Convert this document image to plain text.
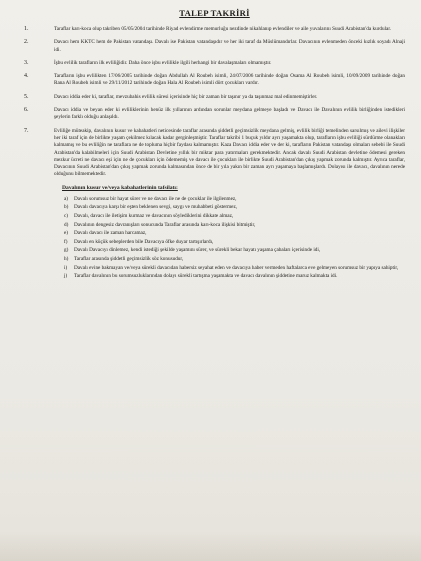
TALEP TAKRİRİ
1.	Taraflar karı-koca olup takriben 05/05/2004 tarihinde Riyad evlendirme memurluğu nezdinde nikahlanıp evlendiler ve aile yuvalarını Suudi Arabistan'da kurdular.
2.	Davacı hem KKTC hem de Pakistan vatandaşı. Davalı ise Pakistan vatandaşıdır ve her iki taraf da Müslümandırlar. Davacının evlenmeden önceki kızlık soyadı Alnaji idi.
3.	İşbu evlilik tarafların ilk evliliğidir. Daha önce işbu evlilikle ilgili herhangi bir davalaşmaları olmamıştır.
4.	Tarafların işbu evlilikten 17/06/2005 tarihinde doğan Abdullah Al Roubeh isimli, 24/07/2006 tarihinde doğan Osama Al Roubeh isimli, 10/09/2009 tarihinde doğan Rana Al Roubeh isimli ve 29/11/2012 tarihinde doğan Hala Al Roubeh isimli dört çocukları vardır.
5.	Davacı iddia eder ki, taraflar, mevzubahis evlilik süresi içerisinde hiç bir zaman bir taşınır ya da taşınmaz mal edinmemiştirler.
6.	Davacı iddia ve beyan eder ki evliliklerinin henüz ilk yıllarının ardından sorunlar meydana gelmeye başladı ve Davacı ile Davalının evlilik birliğinden istedikleri şeylerin farklı olduğu anlaşıldı.
7.	Evliliğe müteakip, davalının kusur ve kabahatleri neticesinde taraflar arasında şiddetli geçimsizlik meydana gelmiş, evlilik birliği temelinden sarsılmış ve ailevi ilişkiler her iki taraf için de birlikte yaşam çekilmez kılacak kadar gerginleşmiştir. Taraflar takribi 1 buçuk yıldır ayrı yaşamakta olup, tarafların işbu evliliği sürdürme olanakları kalmamış ve bu evliliğin ne taraflara ne de topluma hiçbir faydası kalmamıştır. Kaza Davacı iddia eder ve der ki, tarafların Pakistan vatandaşı olmaları sebebi ile Suudi Arabistan'da kalabilmeleri için Suudi Arabistan Devletine yıllık bir miktar para yatırmaları gerekmektedir. Ancak davalı Suudi Arabistan devletine ödemesi gereken mezkur ücreti ne davacı eşi için ne de çocukları için ödememiş ve davacı ile çocukları ile birlikte Suudi Arabistan'dan çıkış yapmak zorunda kalmıştır. Ayrıca taraflar, Davacının Suudi Arabistan'dan çıkış yapmak zorunda kalmasından önce de bir yıla yakın bir zaman ayrı yaşamaya başlamışlardı. Dolayısı ile davacı, davalının nerede olduğunu bilmemektedir.
Davalının kusur ve/veya kabahatlerinin tafsilatı:
a)	Davalı sorumsuz bir hayat sürer ve ne davacı ile ne de çocuklar ile ilgilenmez,
b)	Davalı davacıya karşı bir eşten beklenen sevgi, saygı ve muhabbeti göstermez,
c)	Davalı, davacı ile iletişim kurmaz ve davacının söylediklerini dikkate almaz,
d)	Davalının dengesiz davranışları sonucunda Taraflar arasında karı-koca ilişkisi bitmiştir,
e)	Davalı davacı ile zaman harcamaz,
f)	Davalı en küçük sebeplerden bile Davacıya öfke duyar tartışırlardı,
g)	Davalı Davacıyı dinlemez, kendi istediği şekilde yaşamını sürer, ve sürekli bekar hayatı yaşama çabaları içerisinde idi,
h)	Taraflar arasında şiddetli geçimsizlik söz konusudur,
i)	Davalı evine bakmayan ve/veya sürekli davacıdan habersiz seyahat eden ve davacıya haber vermeden haftalarca eve gelmeyen sorumsuz bir yapıya sahiptir,
j)	Taraflar davalının bu sorumsuzluklarından dolayı sürekli tartışma yaşamakta ve davacı davalının şiddetine maruz kalmakta idi.
